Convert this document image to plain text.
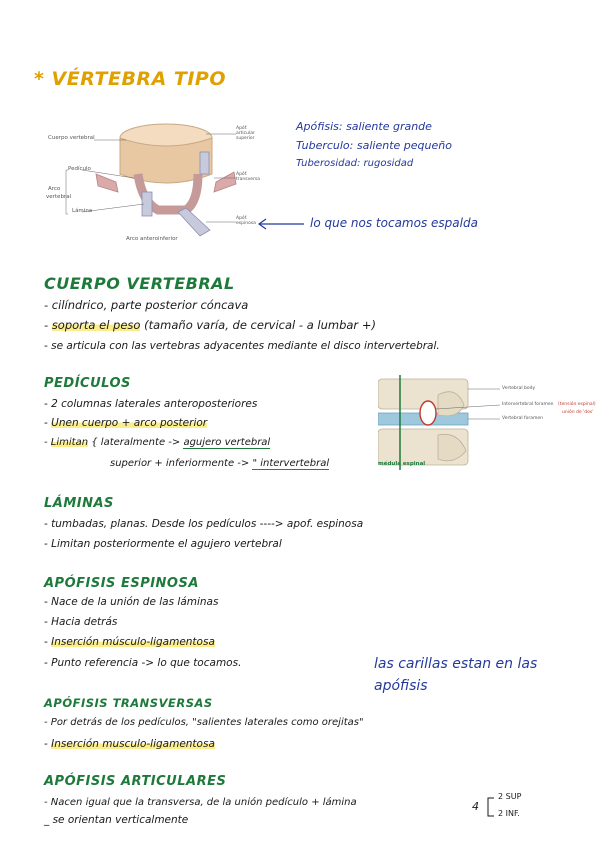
* VÉRTEBRA TIPO
Cuerpo vertebral
Pedículo
Arco
vertebral
Lámina
Apóf. articular superior
Apóf. transversa
Apóf. espinosa
Arco anteroinferior
Apófisis: saliente grande
Tuberculo: saliente pequeño
Tuberosidad: rugosidad
lo que nos tocamos espalda
CUERPO VERTEBRAL
- cilíndrico, parte posterior cóncava
- soporta el peso (tamaño varía, de cervical - a lumbar +)
- se articula con las vertebras adyacentes mediante el disco intervertebral.
PEDÍCULOS
- 2 columnas laterales anteroposteriores
- Unen cuerpo + arco posterior
- Limitan { lateralmente -> agujero vertebral
superior + inferiormente -> " intervertebral
Vertebral body
Intervertebral foramen
Vertebral foramen
(tensión espinal)
unión de 'dos'
médula espinal
LÁMINAS
- tumbadas, planas. Desde los pedículos ----> apof. espinosa
- Limitan posteriormente el agujero vertebral
APÓFISIS ESPINOSA
- Nace de la unión de las láminas
- Hacia detrás
- Inserción músculo-ligamentosa
- Punto referencia -> lo que tocamos.	las carillas estan en las
apófisis
APÓFISIS TRANSVERSAS
- Por detrás de los pedículos, "salientes laterales como orejitas"
- Inserción musculo-ligamentosa
APÓFISIS ARTICULARES
- Nacen igual que la transversa, de la unión pedículo + lámina
_ se orientan verticalmente
4
2 SUP
2 INF.
